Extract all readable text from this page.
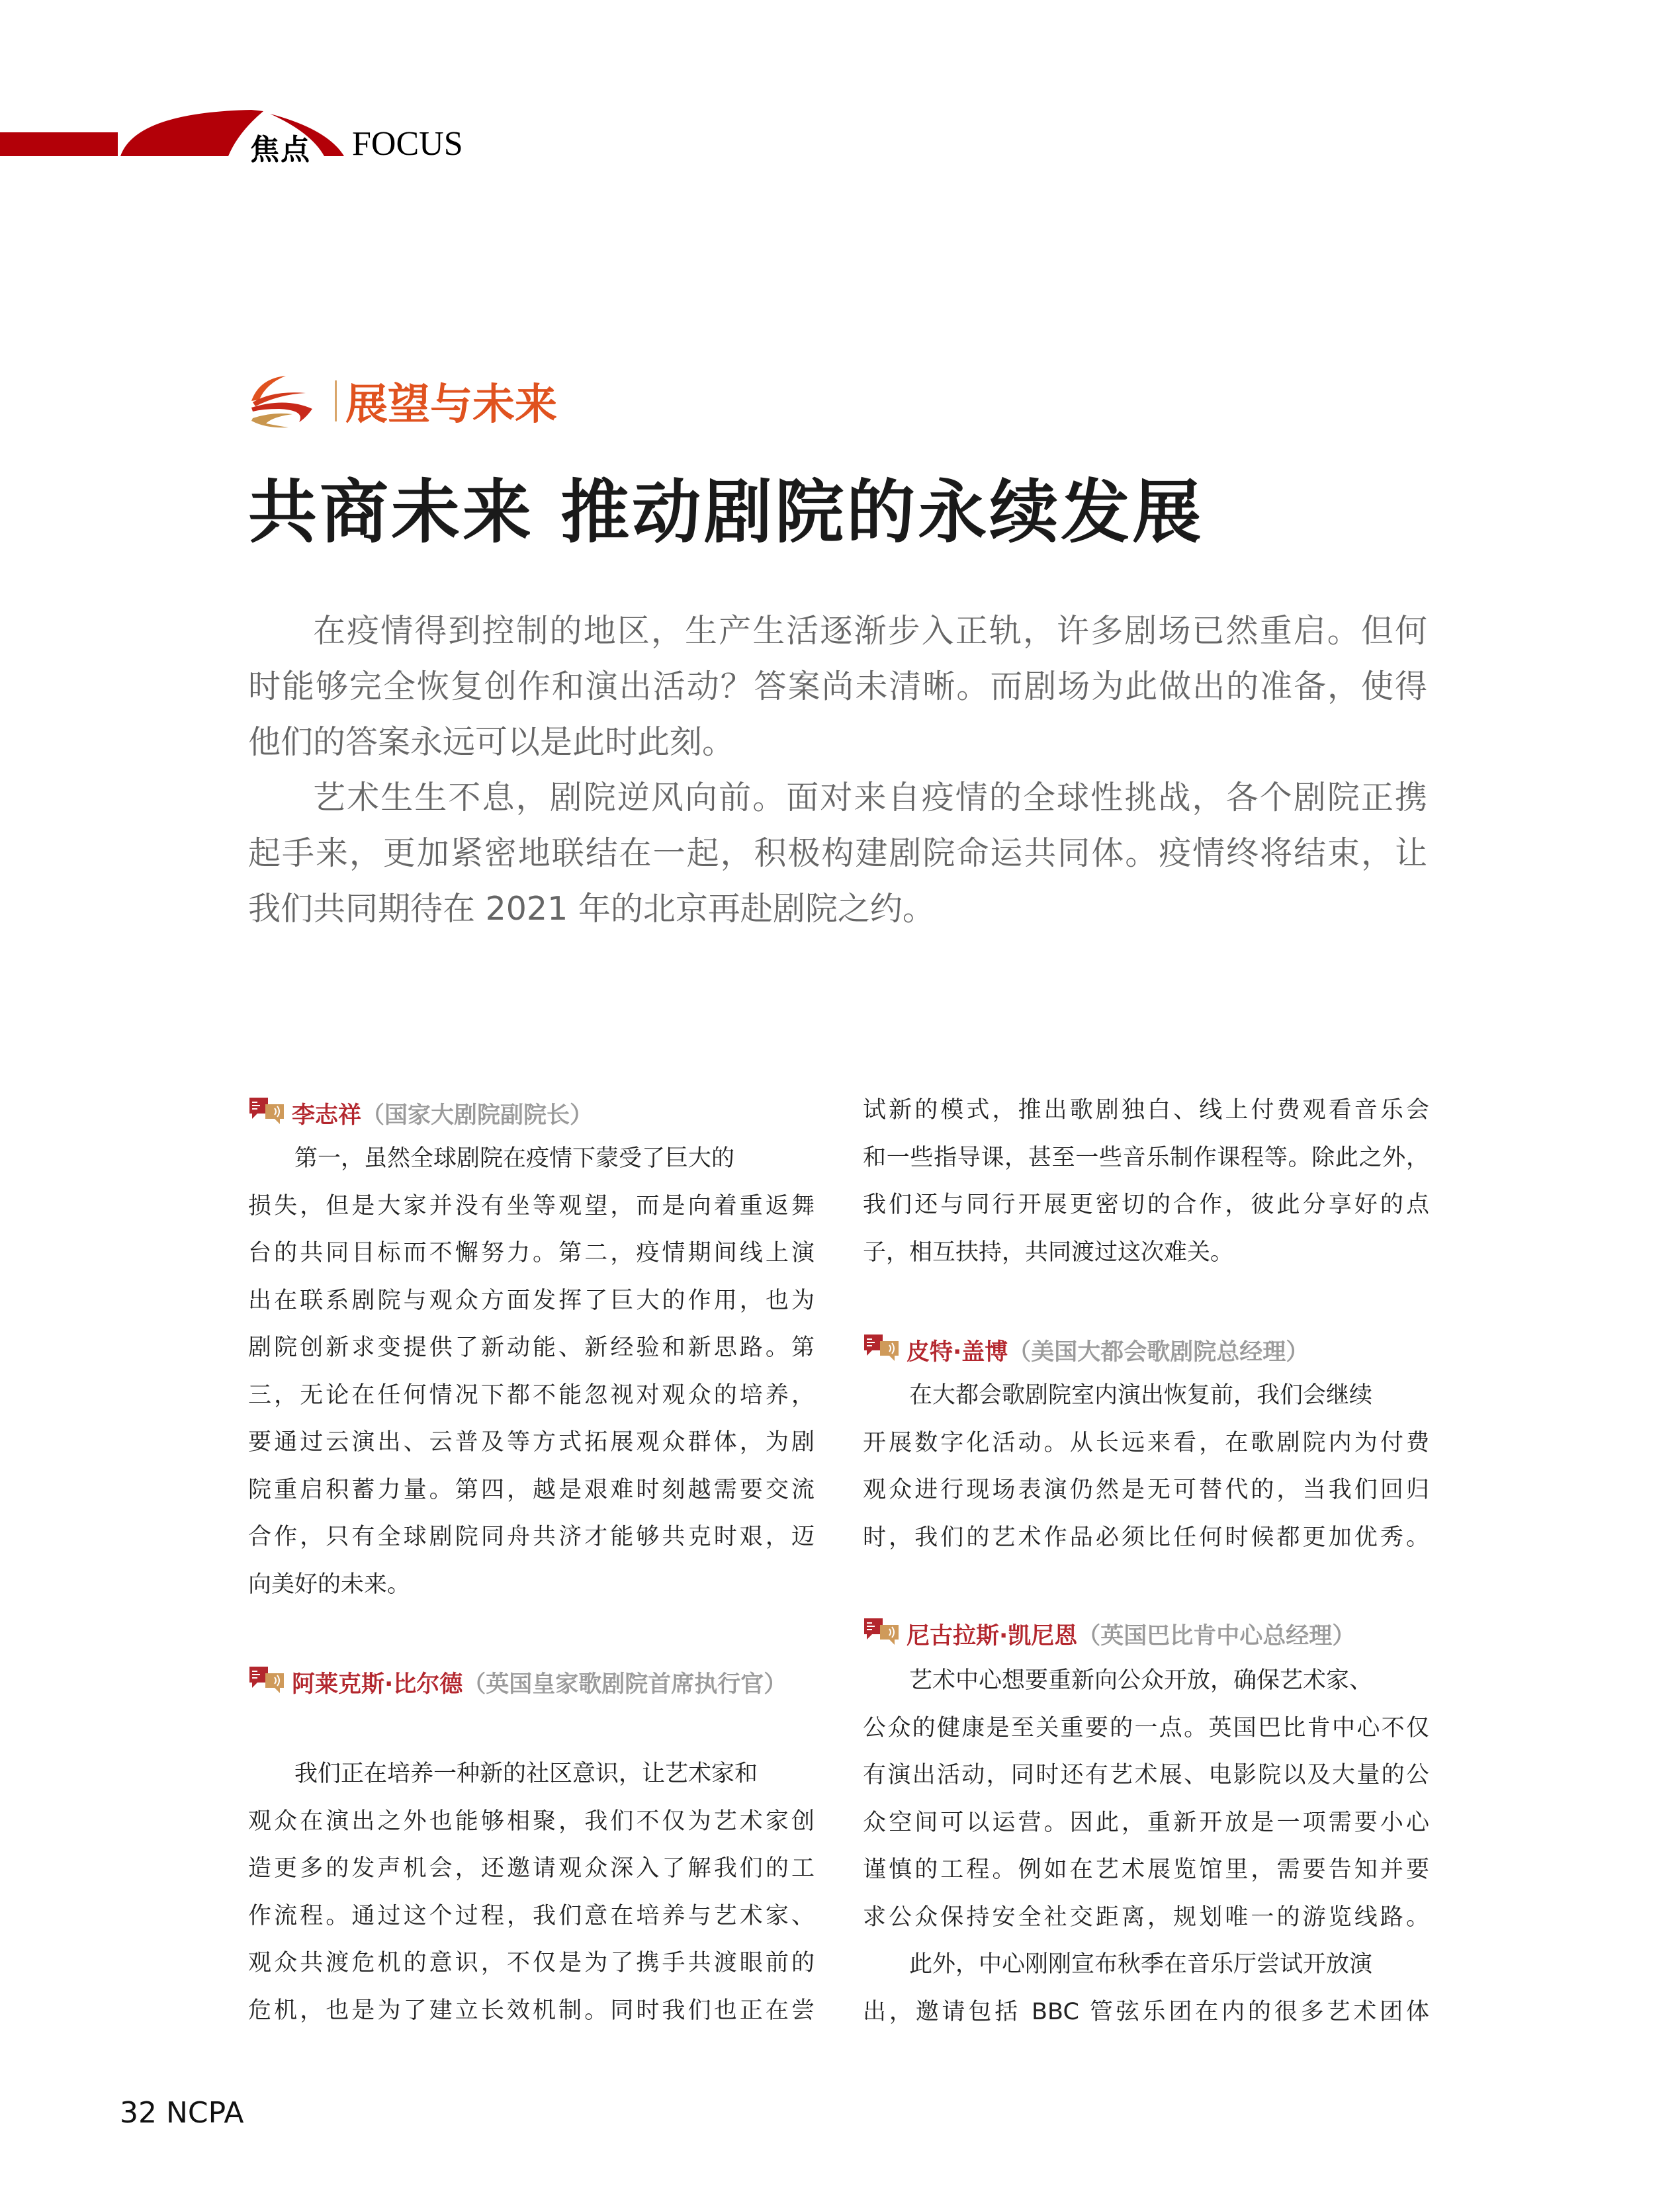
焦点 FOCUS
展望与未来
共商未来 推动剧院的永续发展
在疫情得到控制的地区，生产生活逐渐步入正轨，许多剧场已然重启。但何
时能够完全恢复创作和演出活动？答案尚未清晰。而剧场为此做出的准备，使得
他们的答案永远可以是此时此刻。
艺术生生不息，剧院逆风向前。面对来自疫情的全球性挑战，各个剧院正携
起手来，更加紧密地联结在一起，积极构建剧院命运共同体。疫情终将结束，让
我们共同期待在 2021 年的北京再赴剧院之约。
李志祥（国家大剧院副院长）
第一，虽然全球剧院在疫情下蒙受了巨大的
损失，但是大家并没有坐等观望，而是向着重返舞
台的共同目标而不懈努力。第二，疫情期间线上演
出在联系剧院与观众方面发挥了巨大的作用，也为
剧院创新求变提供了新动能、新经验和新思路。第
三，无论在任何情况下都不能忽视对观众的培养，
要通过云演出、云普及等方式拓展观众群体，为剧
院重启积蓄力量。第四，越是艰难时刻越需要交流
合作，只有全球剧院同舟共济才能够共克时艰，迈
向美好的未来。
阿莱克斯·比尔德（英国皇家歌剧院首席执行官）
我们正在培养一种新的社区意识，让艺术家和
观众在演出之外也能够相聚，我们不仅为艺术家创
造更多的发声机会，还邀请观众深入了解我们的工
作流程。通过这个过程，我们意在培养与艺术家、
观众共渡危机的意识，不仅是为了携手共渡眼前的
危机，也是为了建立长效机制。同时我们也正在尝
试新的模式，推出歌剧独白、线上付费观看音乐会
和一些指导课，甚至一些音乐制作课程等。除此之外，
我们还与同行开展更密切的合作，彼此分享好的点
子，相互扶持，共同渡过这次难关。
皮特·盖博（美国大都会歌剧院总经理）
在大都会歌剧院室内演出恢复前，我们会继续
开展数字化活动。从长远来看，在歌剧院内为付费
观众进行现场表演仍然是无可替代的，当我们回归
时，我们的艺术作品必须比任何时候都更加优秀。
尼古拉斯·凯尼恩（英国巴比肯中心总经理）
艺术中心想要重新向公众开放，确保艺术家、
公众的健康是至关重要的一点。英国巴比肯中心不仅
有演出活动，同时还有艺术展、电影院以及大量的公
众空间可以运营。因此，重新开放是一项需要小心
谨慎的工程。例如在艺术展览馆里，需要告知并要
求公众保持安全社交距离，规划唯一的游览线路。
此外，中心刚刚宣布秋季在音乐厅尝试开放演
出，邀请包括 BBC 管弦乐团在内的很多艺术团体
32 NCPA
